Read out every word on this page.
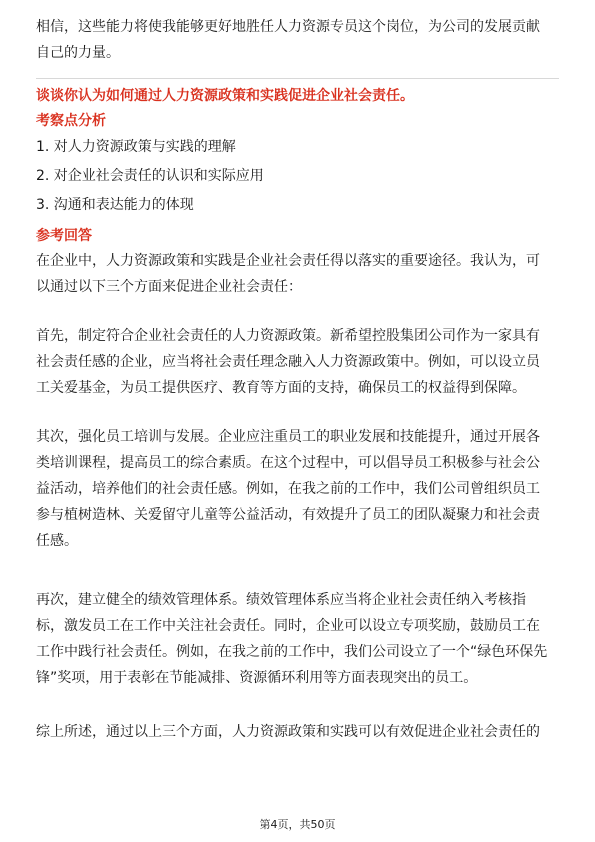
相信，这些能力将使我能够更好地胜任人力资源专员这个岗位，为公司的发展贡献
自己的力量。

谈谈你认为如何通过人力资源政策和实践促进企业社会责任。

考察点分析

1. 对人力资源政策与实践的理解
2. 对企业社会责任的认识和实际应用
3. 沟通和表达能力的体现

参考回答

在企业中，人力资源政策和实践是企业社会责任得以落实的重要途径。我认为，可
以通过以下三个方面来促进企业社会责任：

首先，制定符合企业社会责任的人力资源政策。新希望控股集团公司作为一家具有
社会责任感的企业，应当将社会责任理念融入人力资源政策中。例如，可以设立员
工关爱基金，为员工提供医疗、教育等方面的支持，确保员工的权益得到保障。

其次，强化员工培训与发展。企业应注重员工的职业发展和技能提升，通过开展各
类培训课程，提高员工的综合素质。在这个过程中，可以倡导员工积极参与社会公
益活动，培养他们的社会责任感。例如，在我之前的工作中，我们公司曾组织员工
参与植树造林、关爱留守儿童等公益活动，有效提升了员工的团队凝聚力和社会责
任感。

再次，建立健全的绩效管理体系。绩效管理体系应当将企业社会责任纳入考核指
标，激发员工在工作中关注社会责任。同时，企业可以设立专项奖励，鼓励员工在
工作中践行社会责任。例如，在我之前的工作中，我们公司设立了一个“绿色环保先
锋”奖项，用于表彰在节能减排、资源循环利用等方面表现突出的员工。

综上所述，通过以上三个方面，人力资源政策和实践可以有效促进企业社会责任的

第4页，共50页
